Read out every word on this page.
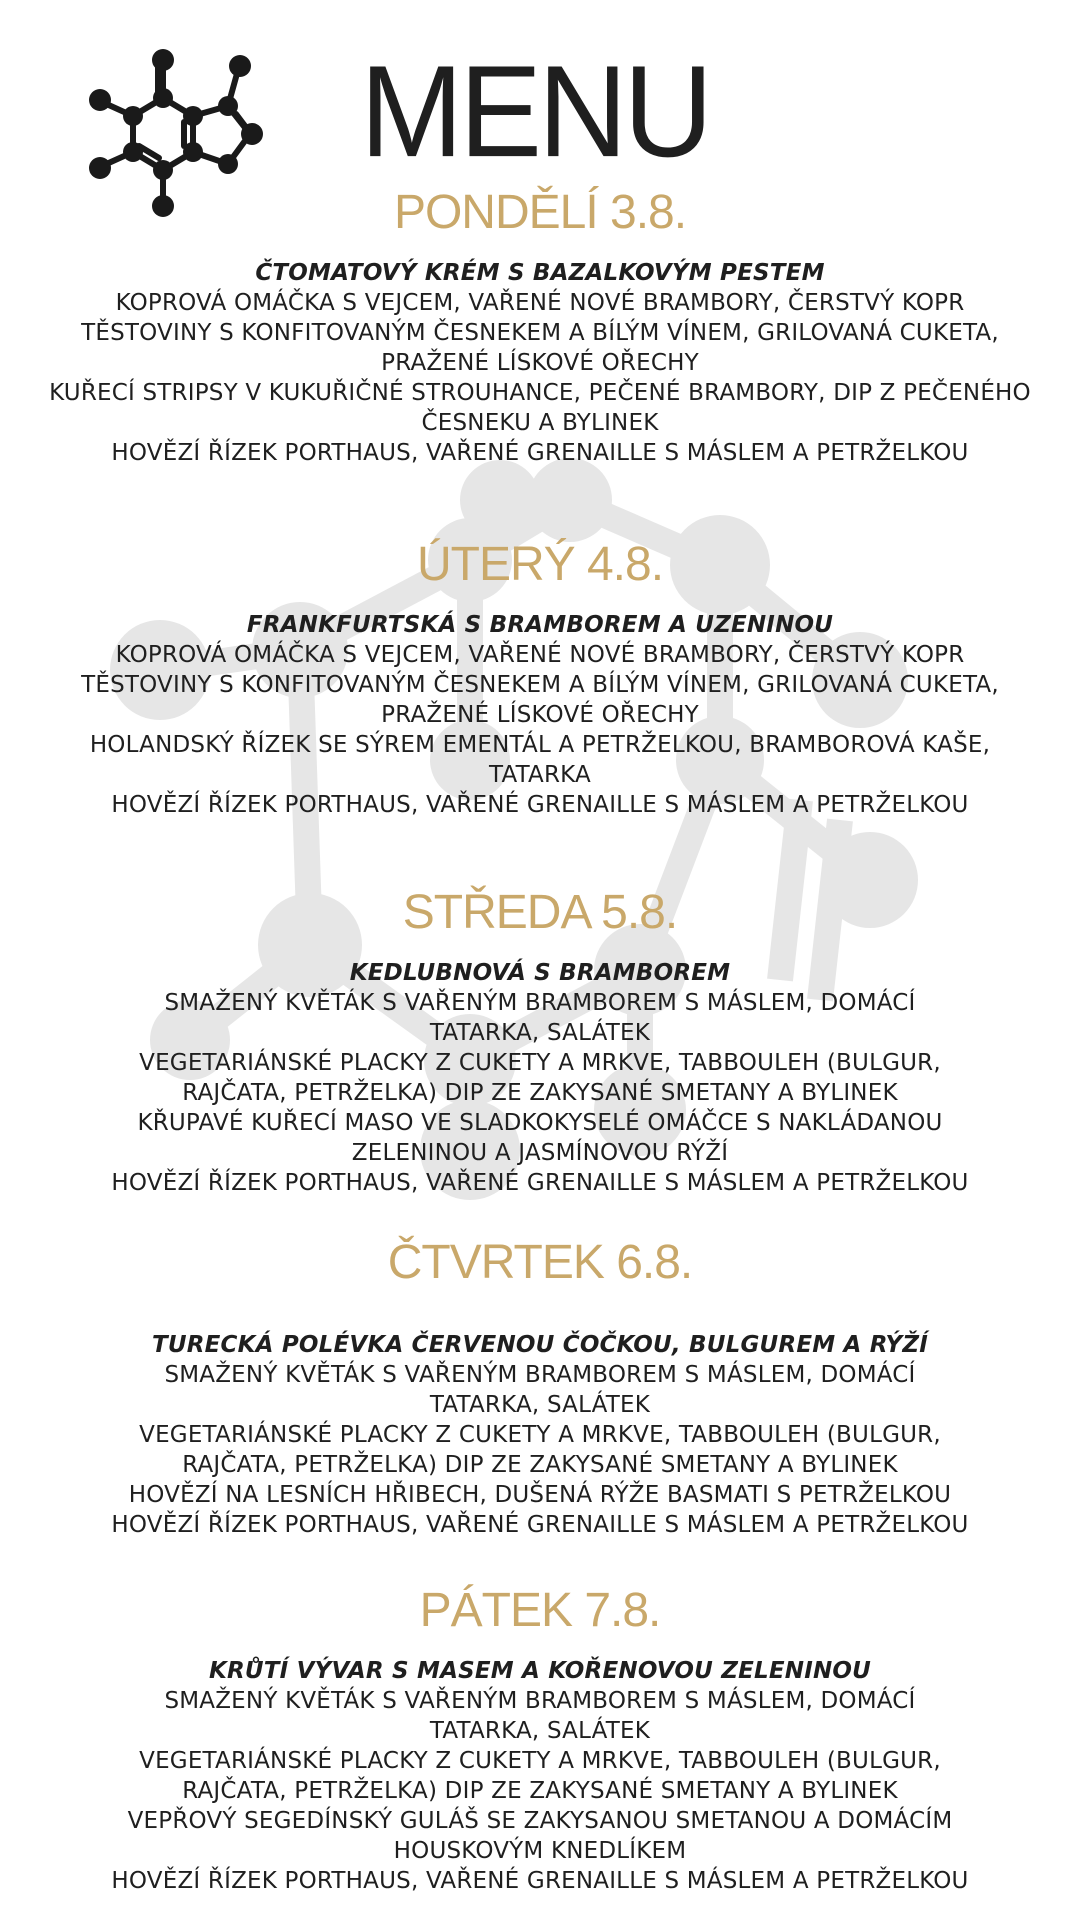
MENU
PONDĚLÍ 3.8.
ČTOMATOVÝ KRÉM S BAZALKOVÝM PESTEM
KOPROVÁ OMÁČKA S VEJCEM, VAŘENÉ NOVÉ BRAMBORY, ČERSTVÝ KOPR
TĚSTOVINY S KONFITOVANÝM ČESNEKEM A BÍLÝM VÍNEM, GRILOVANÁ CUKETA, PRAŽENÉ LÍSKOVÉ OŘECHY
KUŘECÍ STRIPSY V KUKUŘIČNÉ STROUHANCE, PEČENÉ BRAMBORY, DIP Z PEČENÉHO ČESNEKU A BYLINEK
HOVĚZÍ ŘÍZEK PORTHAUS, VAŘENÉ GRENAILLE S MÁSLEM A PETRŽELKOU
ÚTERÝ 4.8.
FRANKFURTSKÁ S BRAMBOREM A UZENINOU
KOPROVÁ OMÁČKA S VEJCEM, VAŘENÉ NOVÉ BRAMBORY, ČERSTVÝ KOPR
TĚSTOVINY S KONFITOVANÝM ČESNEKEM A BÍLÝM VÍNEM, GRILOVANÁ CUKETA, PRAŽENÉ LÍSKOVÉ OŘECHY
HOLANDSKÝ ŘÍZEK SE SÝREM EMENTÁL A PETRŽELKOU, BRAMBOROVÁ KAŠE, TATARKA
HOVĚZÍ ŘÍZEK PORTHAUS, VAŘENÉ GRENAILLE S MÁSLEM A PETRŽELKOU
STŘEDA 5.8.
KEDLUBNOVÁ S BRAMBOREM
SMAŽENÝ KVĚTÁK S VAŘENÝM BRAMBOREM S MÁSLEM, DOMÁCÍ TATARKA, SALÁTEK
VEGETARIÁNSKÉ PLACKY Z CUKETY A MRKVE, TABBOULEH (BULGUR, RAJČATA, PETRŽELKA) DIP ZE ZAKYSANÉ SMETANY A BYLINEK
KŘUPAVÉ KUŘECÍ MASO VE SLADKOKYSELÉ OMÁČCE S NAKLÁDANOU ZELENINOU A JASMÍNOVOU RÝŽÍ
HOVĚZÍ ŘÍZEK PORTHAUS, VAŘENÉ GRENAILLE S MÁSLEM A PETRŽELKOU
ČTVRTEK 6.8.
TURECKÁ POLÉVKA ČERVENOU ČOČKOU, BULGUREM A RÝŽÍ
SMAŽENÝ KVĚTÁK S VAŘENÝM BRAMBOREM S MÁSLEM, DOMÁCÍ TATARKA, SALÁTEK
VEGETARIÁNSKÉ PLACKY Z CUKETY A MRKVE, TABBOULEH (BULGUR, RAJČATA, PETRŽELKA) DIP ZE ZAKYSANÉ SMETANY A BYLINEK
HOVĚZÍ NA LESNÍCH HŘIBECH, DUŠENÁ RÝŽE BASMATI S PETRŽELKOU
HOVĚZÍ ŘÍZEK PORTHAUS, VAŘENÉ GRENAILLE S MÁSLEM A PETRŽELKOU
PÁTEK 7.8.
KRŮTÍ VÝVAR S MASEM A KOŘENOVOU ZELENINOU
SMAŽENÝ KVĚTÁK S VAŘENÝM BRAMBOREM S MÁSLEM, DOMÁCÍ TATARKA, SALÁTEK
VEGETARIÁNSKÉ PLACKY Z CUKETY A MRKVE, TABBOULEH (BULGUR, RAJČATA, PETRŽELKA) DIP ZE ZAKYSANÉ SMETANY A BYLINEK
VEPŘOVÝ SEGEDÍNSKÝ GULÁŠ SE ZAKYSANOU SMETANOU A DOMÁCÍM HOUSKOVÝM KNEDLÍKEM
HOVĚZÍ ŘÍZEK PORTHAUS, VAŘENÉ GRENAILLE S MÁSLEM A PETRŽELKOU
